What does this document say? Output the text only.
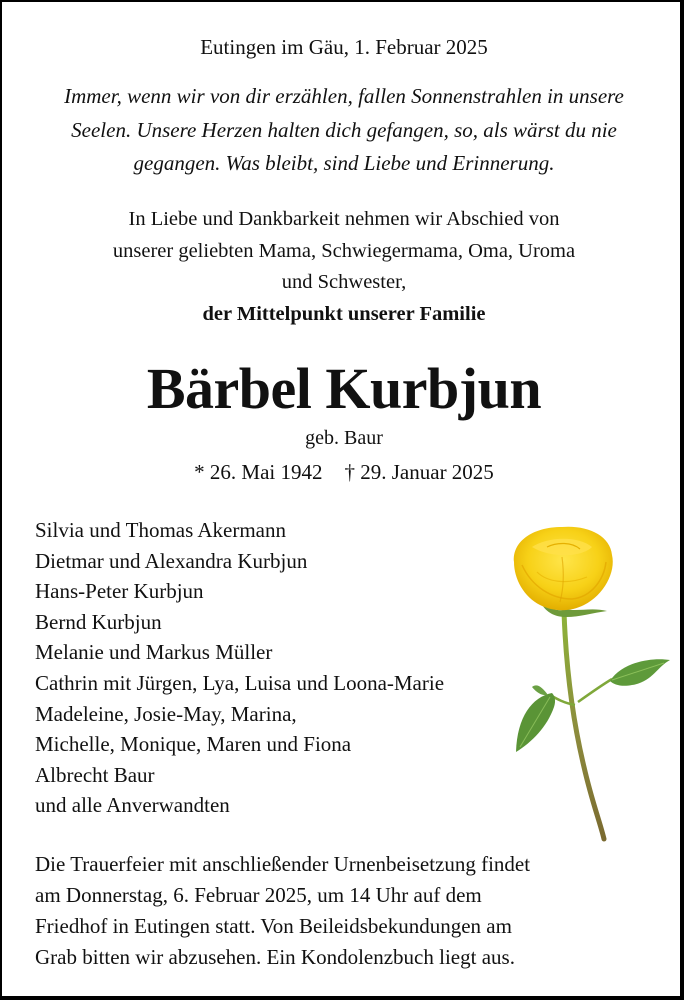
Eutingen im Gäu, 1. Februar 2025
Immer, wenn wir von dir erzählen, fallen Sonnenstrahlen in unsere
Seelen. Unsere Herzen halten dich gefangen, so, als wärst du nie
gegangen. Was bleibt, sind Liebe und Erinnerung.
In Liebe und Dankbarkeit nehmen wir Abschied von
unserer geliebten Mama, Schwiegermama, Oma, Uroma
und Schwester,
der Mittelpunkt unserer Familie
Bärbel Kurbjun
geb. Baur
* 26. Mai 1942 † 29. Januar 2025
Silvia und Thomas Akermann
Dietmar und Alexandra Kurbjun
Hans-Peter Kurbjun
Bernd Kurbjun
Melanie und Markus Müller
Cathrin mit Jürgen, Lya, Luisa und Loona-Marie
Madeleine, Josie-May, Marina,
Michelle, Monique, Maren und Fiona
Albrecht Baur
und alle Anverwandten
Die Trauerfeier mit anschließender Urnenbeisetzung findet
am Donnerstag, 6. Februar 2025, um 14 Uhr auf dem
Friedhof in Eutingen statt. Von Beileidsbekundungen am
Grab bitten wir abzusehen. Ein Kondolenzbuch liegt aus.
